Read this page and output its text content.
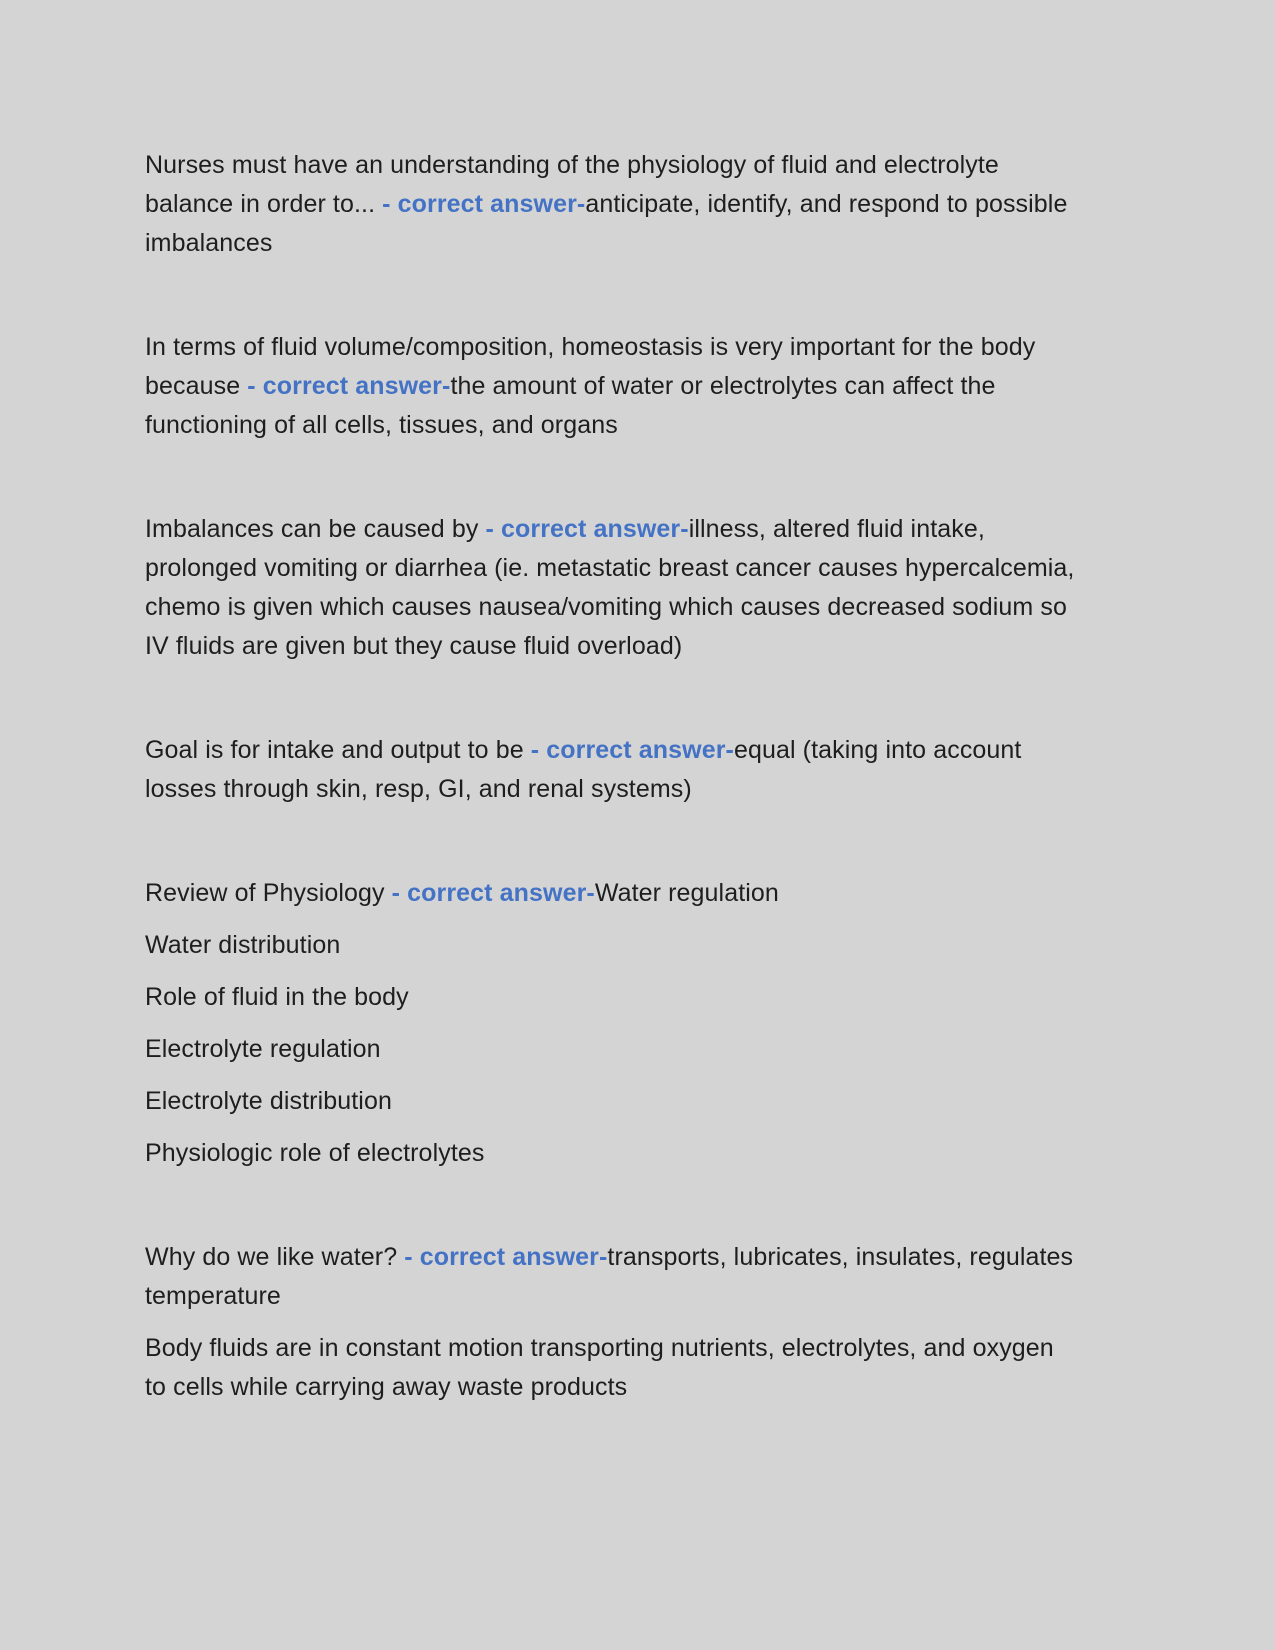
Nurses must have an understanding of the physiology of fluid and electrolyte balance in order to... - correct answer-anticipate, identify, and respond to possible imbalances

In terms of fluid volume/composition, homeostasis is very important for the body because - correct answer-the amount of water or electrolytes can affect the functioning of all cells, tissues, and organs

Imbalances can be caused by - correct answer-illness, altered fluid intake, prolonged vomiting or diarrhea (ie. metastatic breast cancer causes hypercalcemia, chemo is given which causes nausea/vomiting which causes decreased sodium so IV fluids are given but they cause fluid overload)

Goal is for intake and output to be - correct answer-equal (taking into account losses through skin, resp, GI, and renal systems)

Review of Physiology - correct answer-Water regulation

Water distribution

Role of fluid in the body

Electrolyte regulation

Electrolyte distribution

Physiologic role of electrolytes

Why do we like water? - correct answer-transports, lubricates, insulates, regulates temperature

Body fluids are in constant motion transporting nutrients, electrolytes, and oxygen to cells while carrying away waste products
